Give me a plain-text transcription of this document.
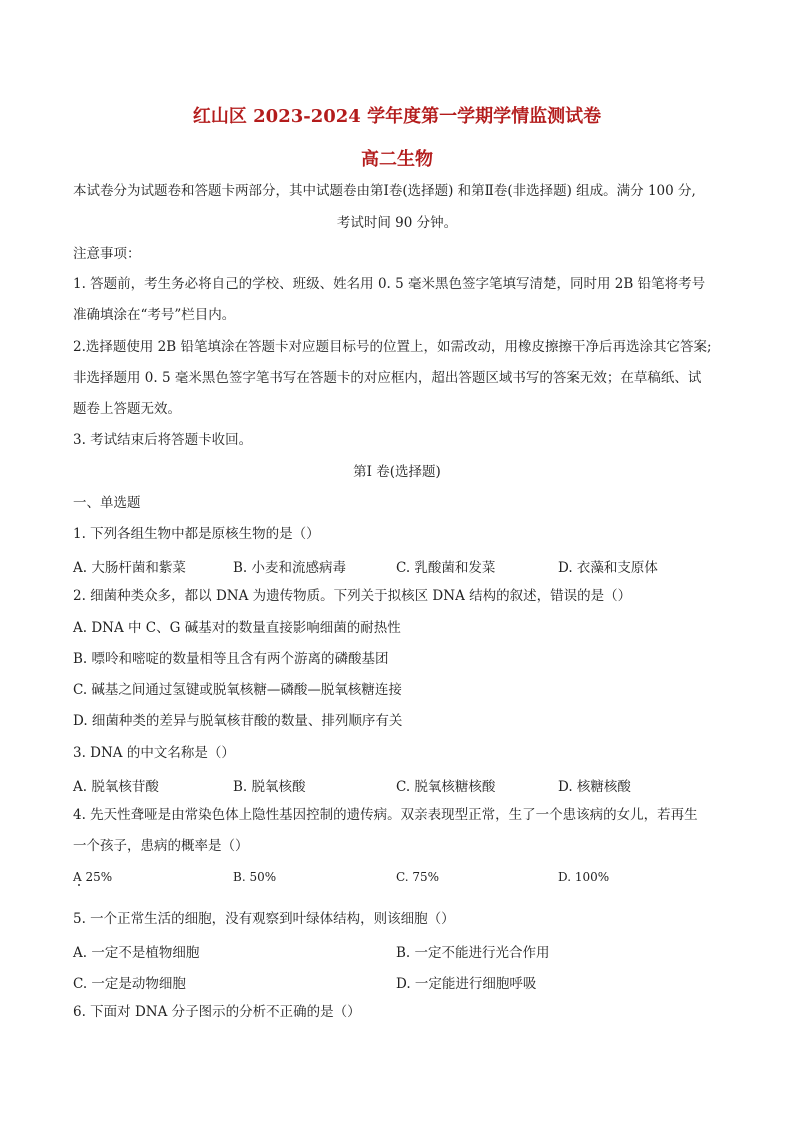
红山区 2023-2024 学年度第一学期学情监测试卷
高二生物
本试卷分为试题卷和答题卡两部分，其中试题卷由第Ⅰ卷(选择题) 和第Ⅱ卷(非选择题) 组成。满分 100 分,
考试时间 90 分钟。
注意事项：
1. 答题前，考生务必将自己的学校、班级、姓名用 0. 5 毫米黑色签字笔填写清楚，同时用 2B 铅笔将考号
准确填涂在“考号”栏目内。
2.选择题使用 2B 铅笔填涂在答题卡对应题目标号的位置上，如需改动，用橡皮擦擦干净后再选涂其它答案;
非选择题用 0. 5 毫米黑色签字笔书写在答题卡的对应框内，超出答题区域书写的答案无效；在草稿纸、试
题卷上答题无效。
3. 考试结束后将答题卡收回。
第Ⅰ 卷(选择题)
一、单选题
1. 下列各组生物中都是原核生物的是（）
A. 大肠杆菌和紫菜	B. 小麦和流感病毒	C. 乳酸菌和发菜	D. 衣藻和支原体
2. 细菌种类众多，都以 DNA 为遗传物质。下列关于拟核区 DNA 结构的叙述，错误的是（）
A. DNA 中 C、G 碱基对的数量直接影响细菌的耐热性
B. 嘌呤和嘧啶的数量相等且含有两个游离的磷酸基团
C. 碱基之间通过氢键或脱氧核糖—磷酸—脱氧核糖连接
D. 细菌种类的差异与脱氧核苷酸的数量、排列顺序有关
3. DNA 的中文名称是（）
A. 脱氧核苷酸	B. 脱氧核酸	C. 脱氧核糖核酸	D. 核糖核酸
4. 先天性聋哑是由常染色体上隐性基因控制的遗传病。双亲表现型正常，生了一个患该病的女儿，若再生
一个孩子，患病的概率是（）
A 25%	B. 50%	C. 75%	D. 100%
5. 一个正常生活的细胞，没有观察到叶绿体结构，则该细胞（）
A. 一定不是植物细胞	B. 一定不能进行光合作用
C. 一定是动物细胞	D. 一定能进行细胞呼吸
6. 下面对 DNA 分子图示的分析不正确的是（）
